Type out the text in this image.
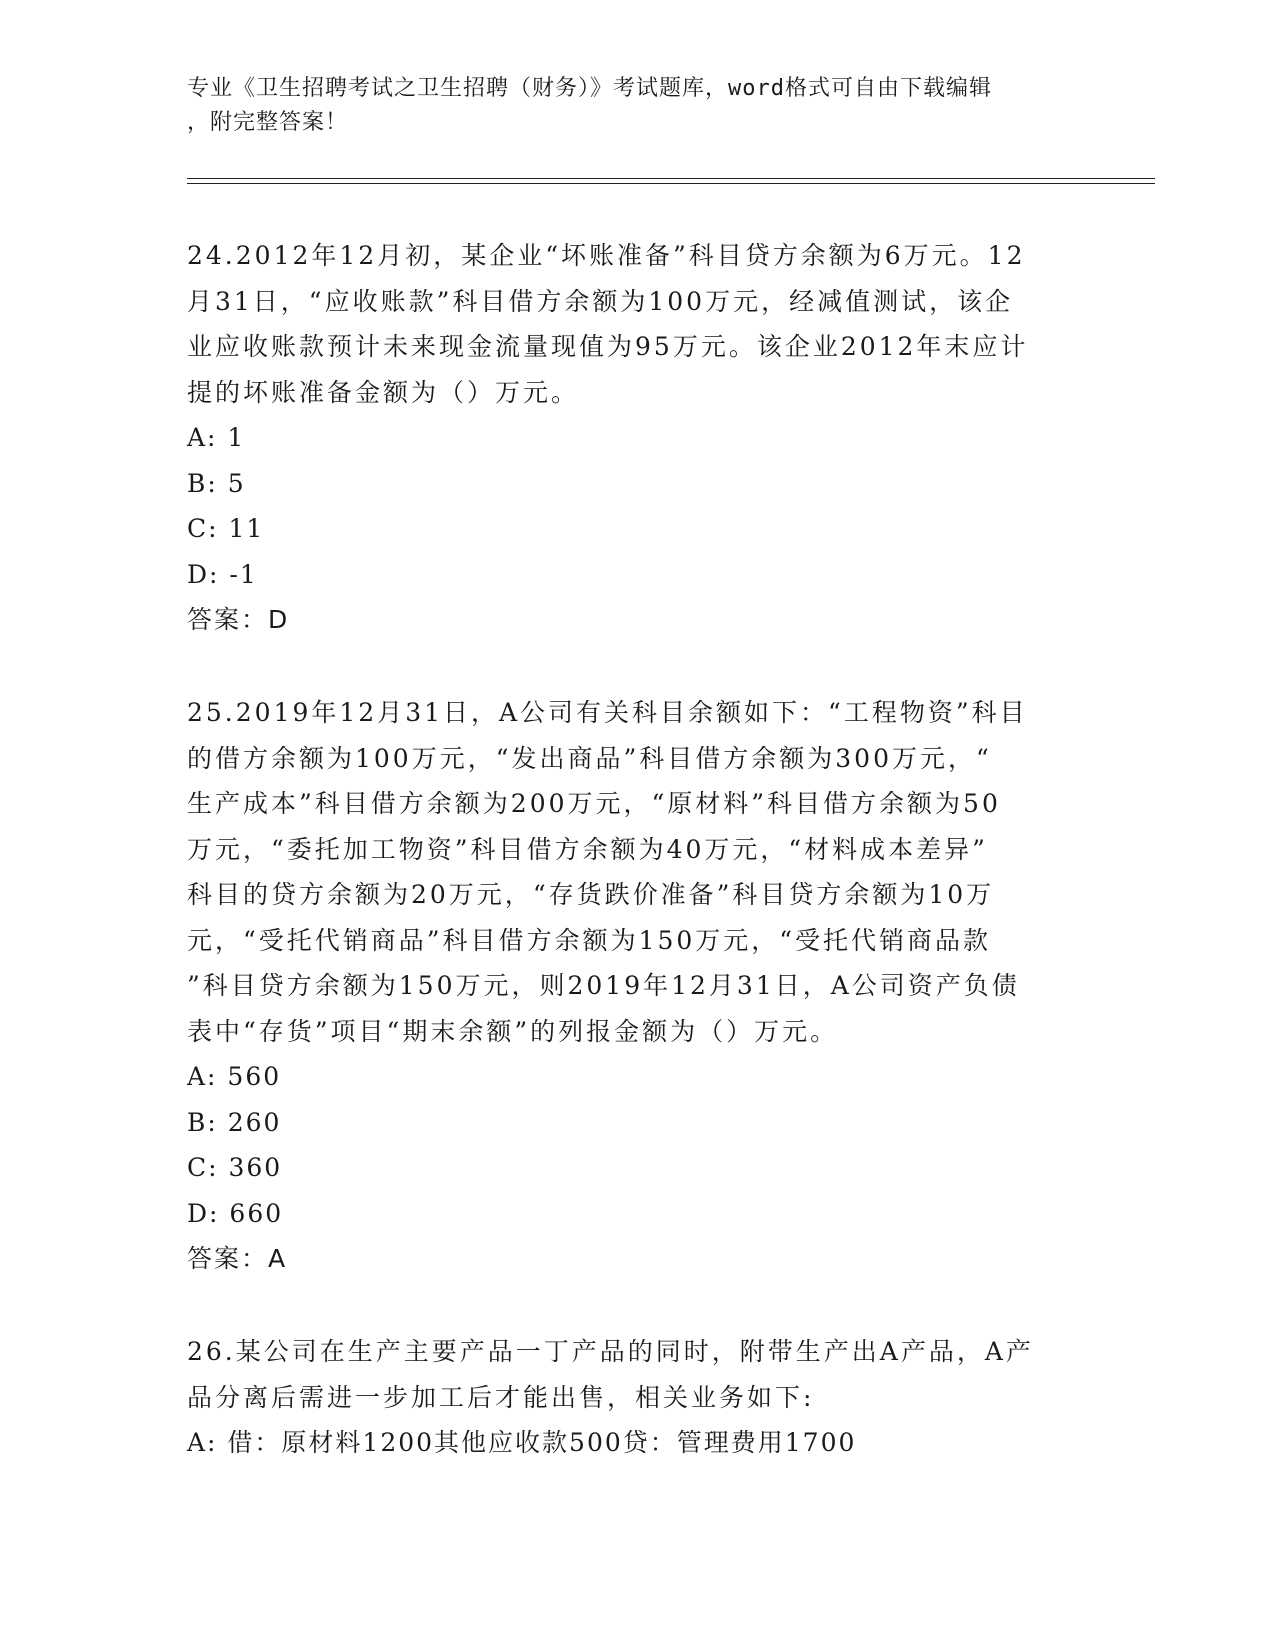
专业《卫生招聘考试之卫生招聘（财务）》考试题库，word格式可自由下载编辑
，附完整答案！
24.2012年12月初，某企业“坏账准备”科目贷方余额为6万元。12
月31日，“应收账款”科目借方余额为100万元，经减值测试，该企
业应收账款预计未来现金流量现值为95万元。该企业2012年末应计
提的坏账准备金额为（）万元。
A: 1
B: 5
C: 11
D: -1
答案：D
25.2019年12月31日，A公司有关科目余额如下：“工程物资”科目
的借方余额为100万元，“发出商品”科目借方余额为300万元，“
生产成本”科目借方余额为200万元，“原材料”科目借方余额为50
万元，“委托加工物资”科目借方余额为40万元，“材料成本差异”
科目的贷方余额为20万元，“存货跌价准备”科目贷方余额为10万
元，“受托代销商品”科目借方余额为150万元，“受托代销商品款
”科目贷方余额为150万元，则2019年12月31日，A公司资产负债
表中“存货”项目“期末余额”的列报金额为（）万元。
A: 560
B: 260
C: 360
D: 660
答案：A
26.某公司在生产主要产品一丁产品的同时，附带生产出A产品，A产
品分离后需进一步加工后才能出售，相关业务如下:
A: 借：原材料1200其他应收款500贷：管理费用1700
